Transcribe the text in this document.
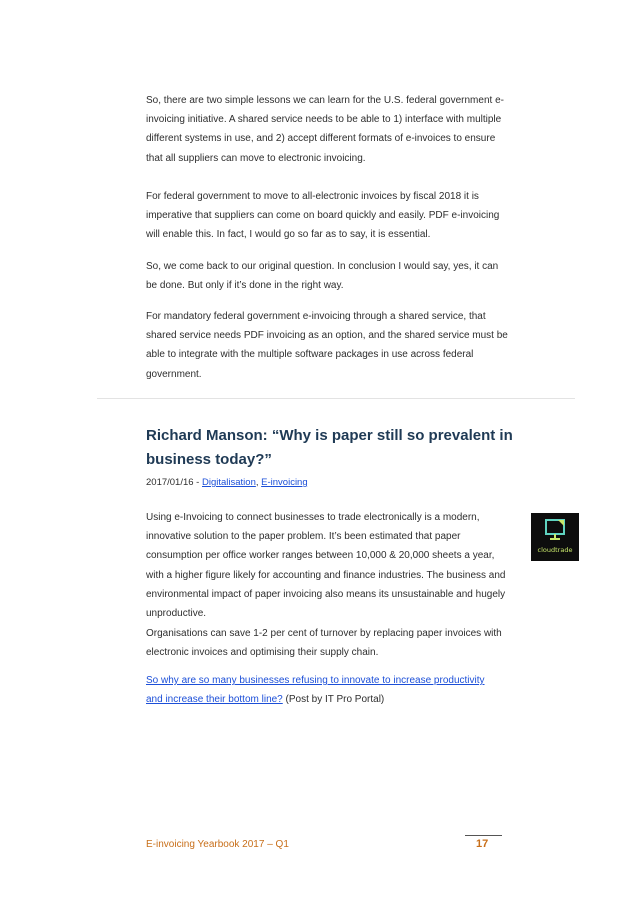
So, there are two simple lessons we can learn for the U.S. federal government e-invoicing initiative. A shared service needs to be able to 1) interface with multiple different systems in use, and 2) accept different formats of e-invoices to ensure that all suppliers can move to electronic invoicing.

For federal government to move to all-electronic invoices by fiscal 2018 it is imperative that suppliers can come on board quickly and easily. PDF e-invoicing will enable this. In fact, I would go so far as to say, it is essential.

So, we come back to our original question. In conclusion I would say, yes, it can be done. But only if it’s done in the right way.

For mandatory federal government e-invoicing through a shared service, that shared service needs PDF invoicing as an option, and the shared service must be able to integrate with the multiple software packages in use across federal government.

Richard Manson: “Why is paper still so prevalent in business today?”
2017/01/16 - Digitalisation, E-invoicing

Using e-Invoicing to connect businesses to trade electronically is a modern, innovative solution to the paper problem. It’s been estimated that paper consumption per office worker ranges between 10,000 & 20,000 sheets a year, with a higher figure likely for accounting and finance industries. The business and environmental impact of paper invoicing also means its unsustainable and hugely unproductive.

Organisations can save 1-2 per cent of turnover by replacing paper invoices with electronic invoices and optimising their supply chain.

So why are so many businesses refusing to innovate to increase productivity and increase their bottom line? (Post by IT Pro Portal)

cloudtrade
E-invoicing Yearbook 2017 – Q1	17
